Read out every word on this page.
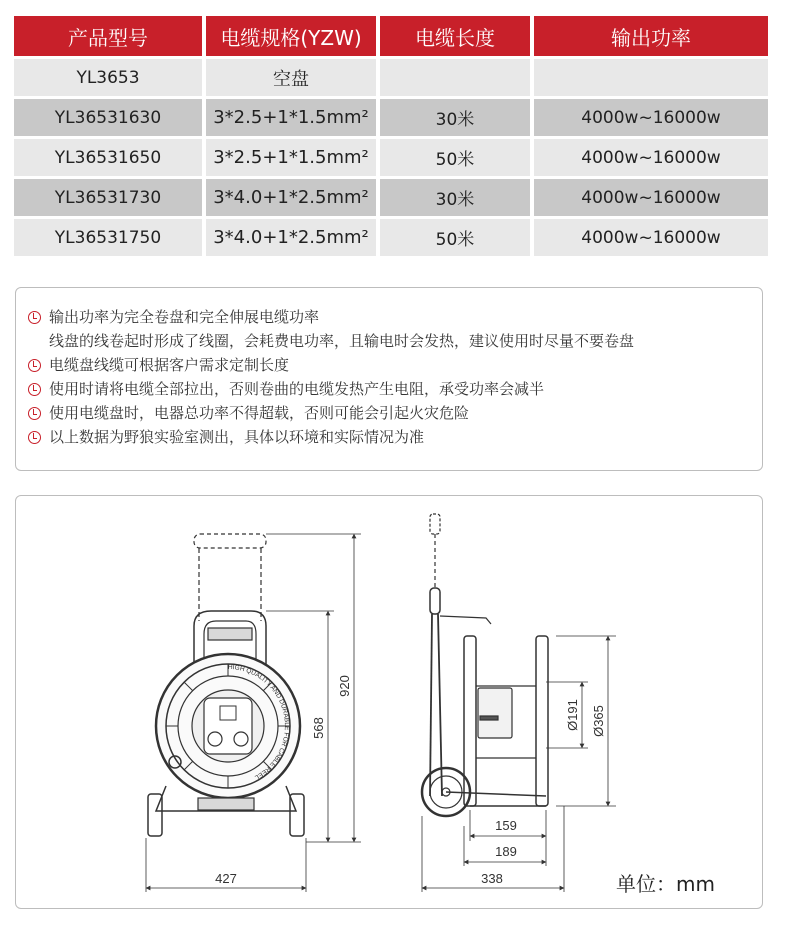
产品型号	电缆规格(YZW)	电缆长度	输出功率
YL3653	空盘		
YL36531630	3*2.5+1*1.5mm²	30米	4000w~16000w
YL36531650	3*2.5+1*1.5mm²	50米	4000w~16000w
YL36531730	3*4.0+1*2.5mm²	30米	4000w~16000w
YL36531750	3*4.0+1*2.5mm²	50米	4000w~16000w
输出功率为完全卷盘和完全伸展电缆功率
线盘的线卷起时形成了线圈，会耗费电功率，且输电时会发热，建议使用时尽量不要卷盘
电缆盘线缆可根据客户需求定制长度
使用时请将电缆全部拉出，否则卷曲的电缆发热产生电阻，承受功率会减半
使用电缆盘时，电器总功率不得超载，否则可能会引起火灾危险
以上数据为野狼实验室测出，具体以环境和实际情况为准
HIGH QUALITY AND DURABLE FOR CABLE REEL
920
568
427
Ø365
Ø191
159
189
338	单位：mm
